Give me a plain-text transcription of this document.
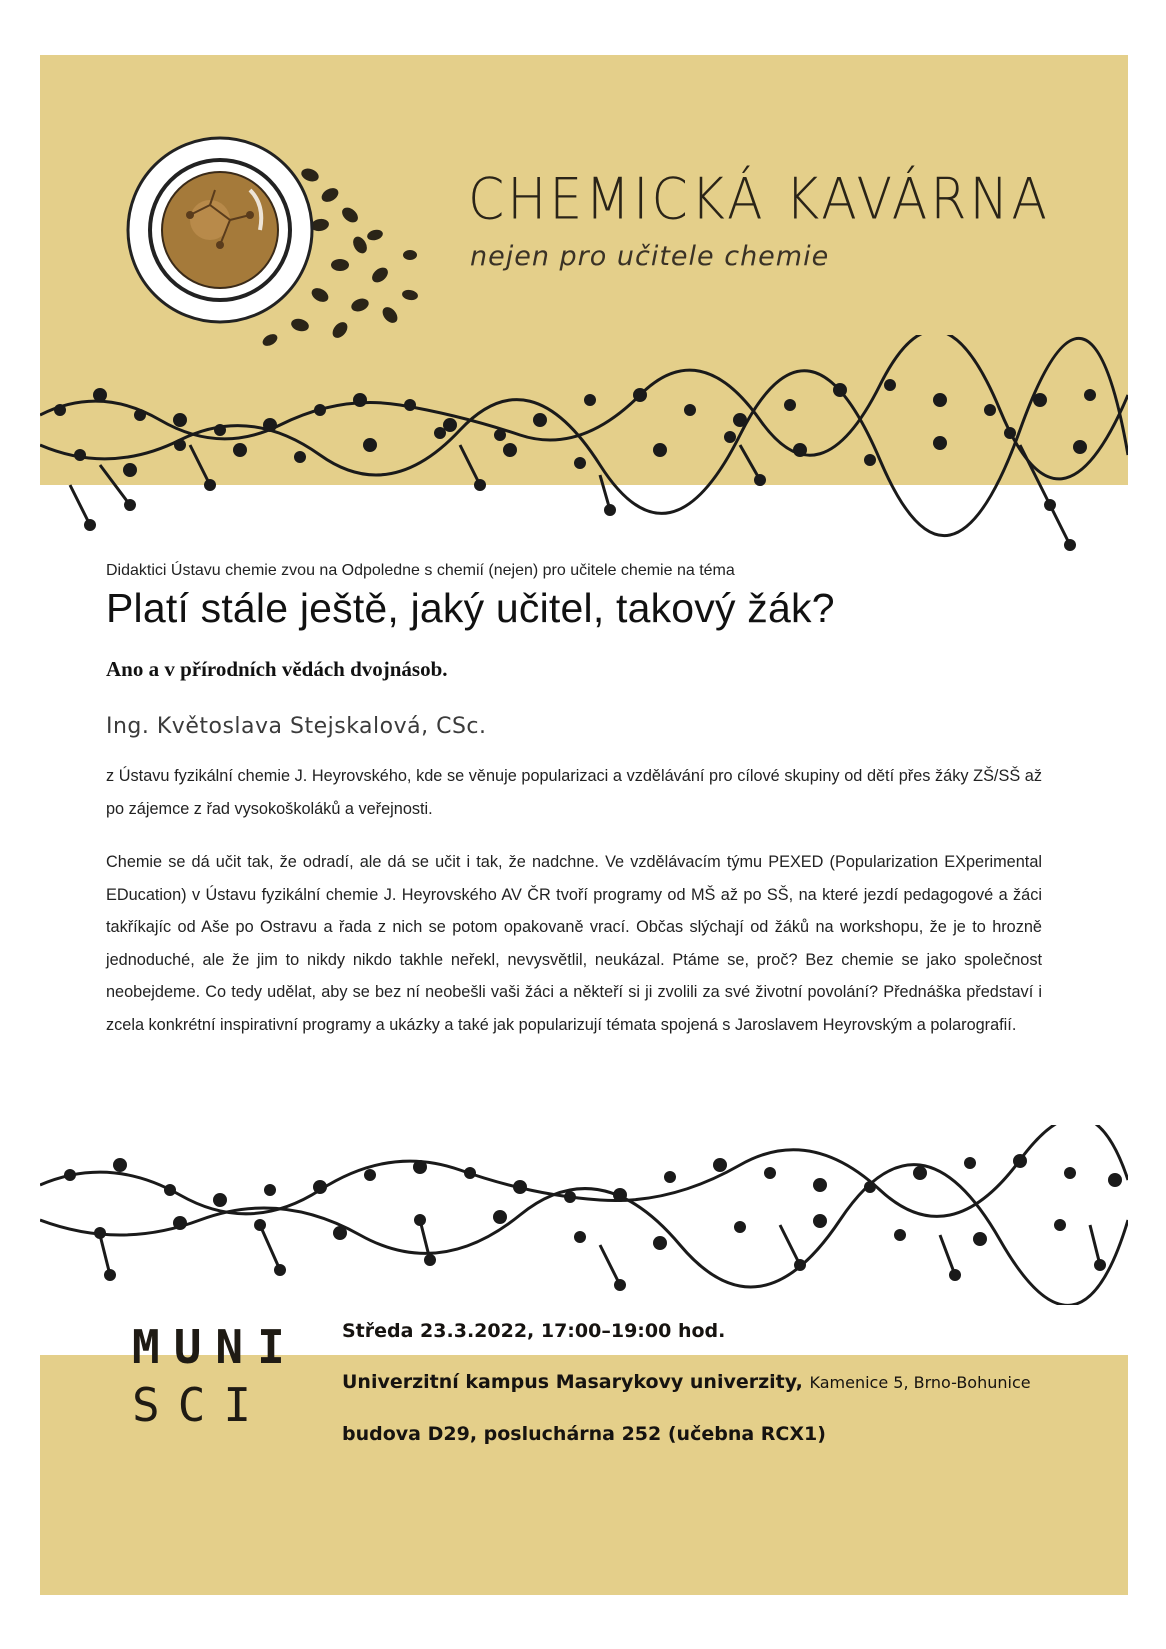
CHEMICKÁ KAVÁRNA
nejen pro učitele chemie
Didaktici Ústavu chemie zvou na Odpoledne s chemií (nejen) pro učitele chemie na téma
Platí stále ještě, jaký učitel, takový žák?
Ano a v přírodních vědách dvojnásob.
Ing. Květoslava Stejskalová, CSc.

z Ústavu fyzikální chemie J. Heyrovského, kde se věnuje popularizaci a vzdělávání pro cílové skupiny od dětí přes žáky ZŠ/SŠ až po zájemce z řad vysokoškoláků a veřejnosti.

Chemie se dá učit tak, že odradí, ale dá se učit i tak, že nadchne. Ve vzdělávacím týmu PEXED (Popularization EXperimental EDucation) v Ústavu fyzikální chemie J. Heyrovského AV ČR tvoří programy od MŠ až po SŠ, na které jezdí pedagogové a žáci takříkajíc od Aše po Ostravu a řada z nich se potom opakovaně vrací. Občas slýchají od žáků na workshopu, že je to hrozně jednoduché, ale že jim to nikdy nikdo takhle neřekl, nevysvětlil, neukázal. Ptáme se, proč? Bez chemie se jako společnost neobejdeme. Co tedy udělat, aby se bez ní neobešli vaši žáci a někteří si ji zvolili za své životní povolání? Přednáška představí i zcela konkrétní inspirativní programy a ukázky a také jak popularizují témata spojená s Jaroslavem Heyrovským a polarografií.

MUNI
SCI
Středa 23.3.2022, 17:00–19:00 hod.
Univerzitní kampus Masarykovy univerzity, Kamenice 5, Brno-Bohunice
budova D29, posluchárna 252 (učebna RCX1)
